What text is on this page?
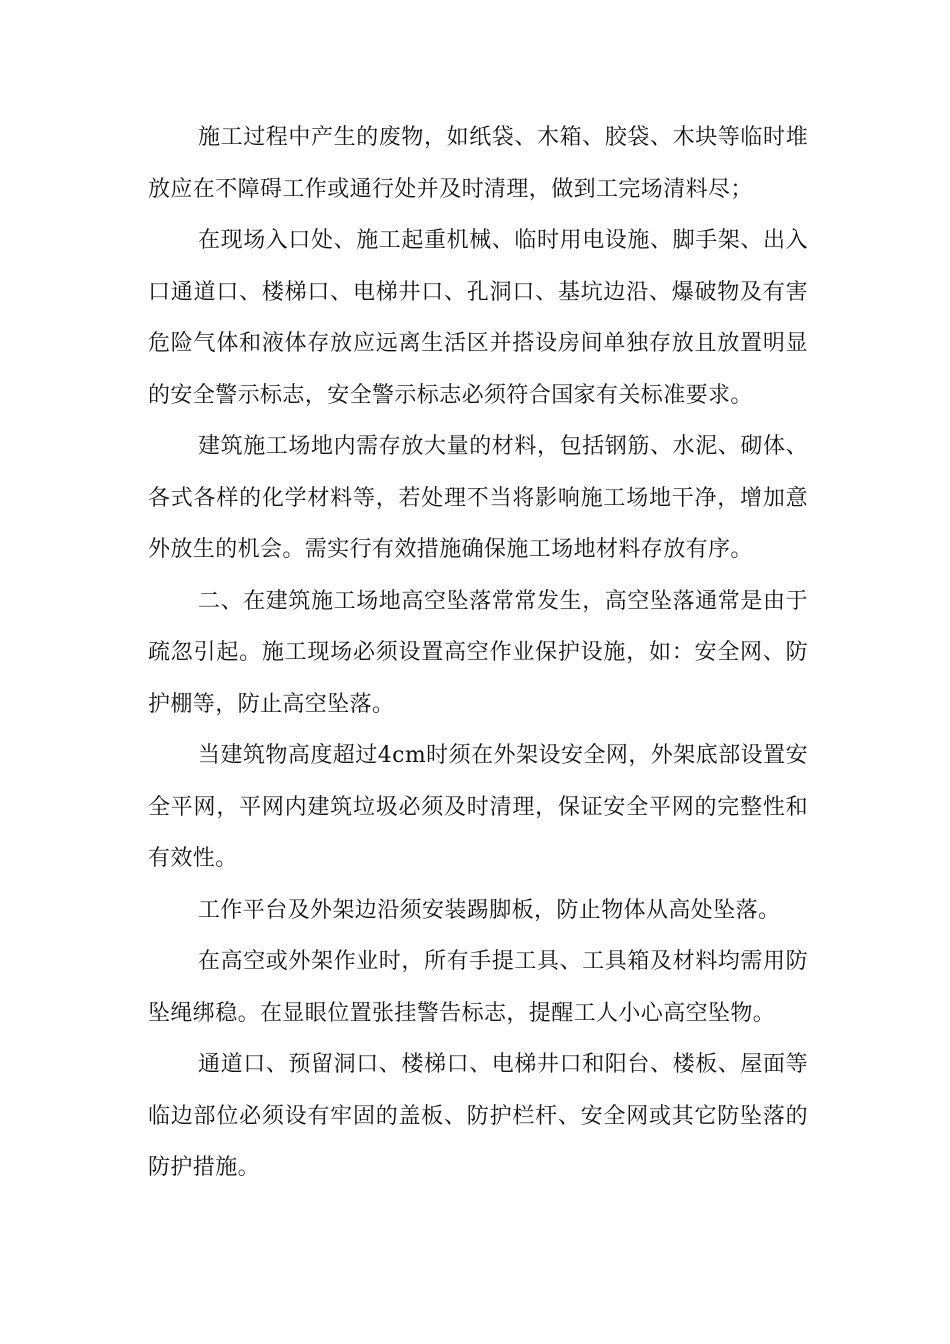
施工过程中产生的废物，如纸袋、木箱、胶袋、木块等临时堆放应在不障碍工作或通行处并及时清理，做到工完场清料尽；

在现场入口处、施工起重机械、临时用电设施、脚手架、出入口通道口、楼梯口、电梯井口、孔洞口、基坑边沿、爆破物及有害危险气体和液体存放应远离生活区并搭设房间单独存放且放置明显的安全警示标志，安全警示标志必须符合国家有关标准要求。

建筑施工场地内需存放大量的材料，包括钢筋、水泥、砌体、各式各样的化学材料等，若处理不当将影响施工场地干净，增加意外放生的机会。需实行有效措施确保施工场地材料存放有序。

二、在建筑施工场地高空坠落常常发生，高空坠落通常是由于疏忽引起。施工现场必须设置高空作业保护设施，如：安全网、防护棚等，防止高空坠落。

当建筑物高度超过4cm时须在外架设安全网，外架底部设置安全平网，平网内建筑垃圾必须及时清理，保证安全平网的完整性和有效性。

工作平台及外架边沿须安装踢脚板，防止物体从高处坠落。

在高空或外架作业时，所有手提工具、工具箱及材料均需用防坠绳绑稳。在显眼位置张挂警告标志，提醒工人小心高空坠物。

通道口、预留洞口、楼梯口、电梯井口和阳台、楼板、屋面等临边部位必须设有牢固的盖板、防护栏杆、安全网或其它防坠落的防护措施。
